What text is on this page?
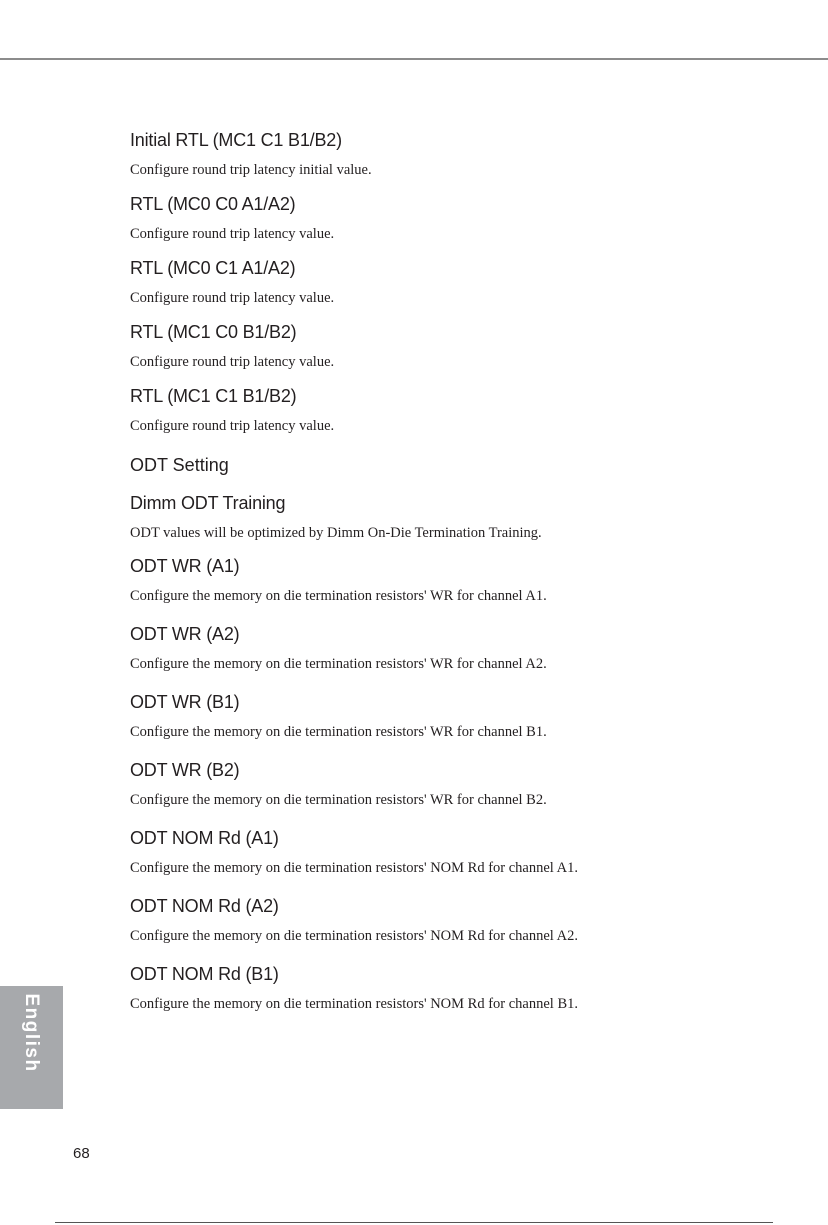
Initial RTL (MC1 C1 B1/B2)
Configure round trip latency initial value.
RTL (MC0 C0 A1/A2)
Configure round trip latency value.
RTL (MC0 C1 A1/A2)
Configure round trip latency value.
RTL (MC1 C0 B1/B2)
Configure round trip latency value.
RTL (MC1 C1 B1/B2)
Configure round trip latency value.
ODT Setting
Dimm ODT Training
ODT values will be optimized by Dimm On-Die Termination Training.
ODT WR (A1)
Configure the memory on die termination resistors' WR for channel A1.
ODT WR (A2)
Configure the memory on die termination resistors' WR for channel A2.
ODT WR (B1)
Configure the memory on die termination resistors' WR for channel B1.
ODT WR (B2)
Configure the memory on die termination resistors' WR for channel B2.
ODT NOM Rd (A1)
Configure the memory on die termination resistors' NOM Rd for channel A1.
ODT NOM Rd (A2)
Configure the memory on die termination resistors' NOM Rd for channel A2.
ODT NOM Rd (B1)
Configure the memory on die termination resistors' NOM Rd for channel B1.
English
68
